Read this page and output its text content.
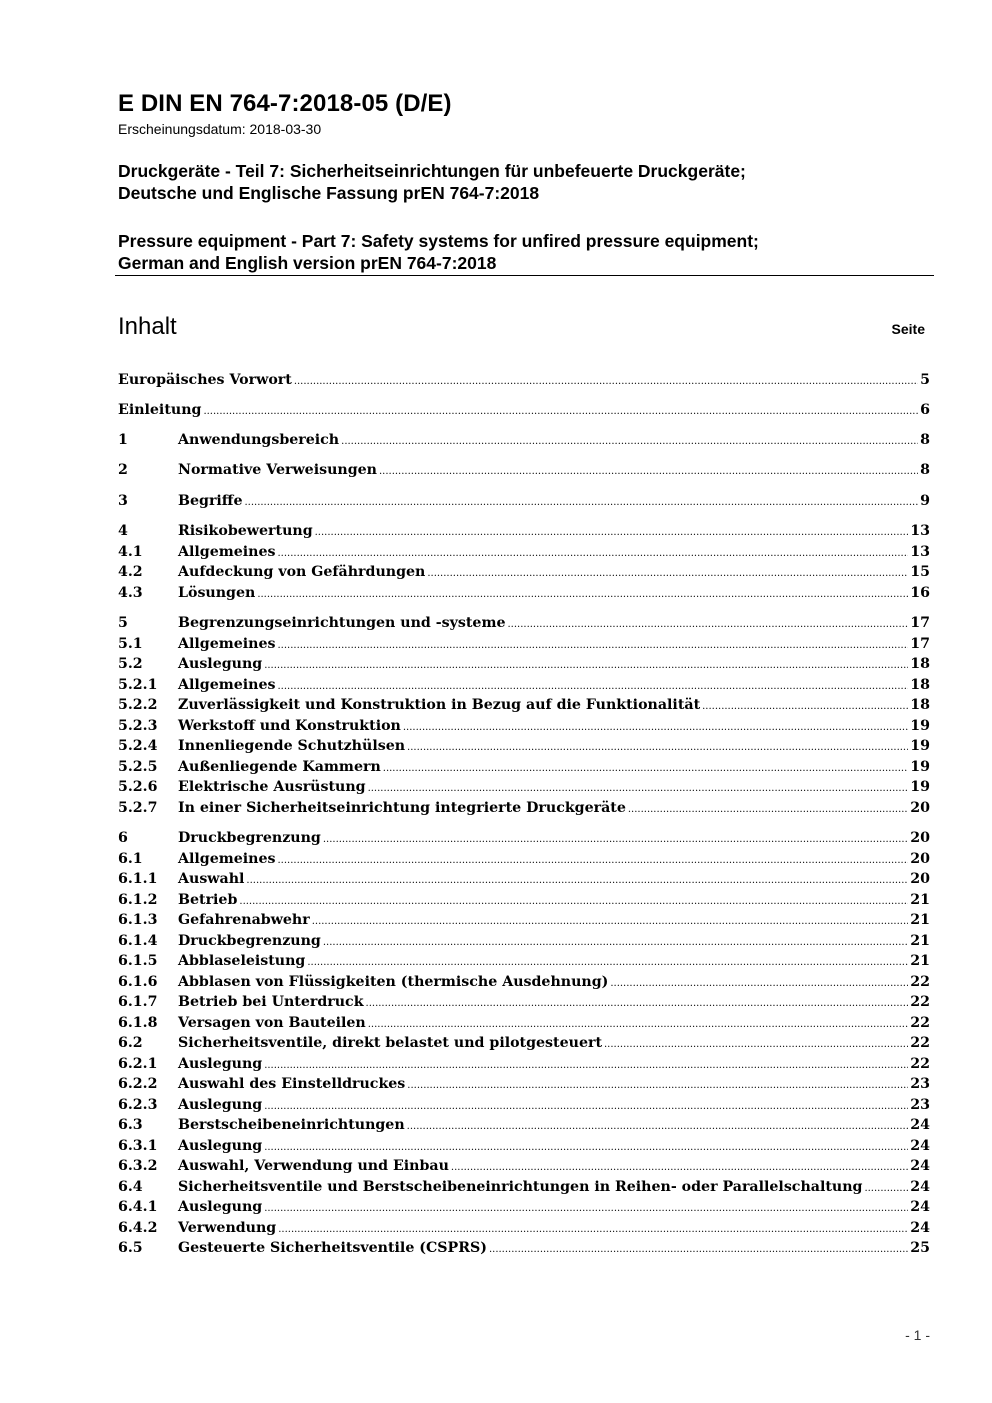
E DIN EN 764-7:2018-05 (D/E)
Erscheinungsdatum: 2018-03-30
Druckgeräte - Teil 7: Sicherheitseinrichtungen für unbefeuerte Druckgeräte;
Deutsche und Englische Fassung prEN 764-7:2018
Pressure equipment - Part 7: Safety systems for unfired pressure equipment;
German and English version prEN 764-7:2018
Inhalt	Seite
Europäisches Vorwort .....	5
Einleitung .....	6
1	Anwendungsbereich .....	8
2	Normative Verweisungen .....	8
3	Begriffe .....	9
4	Risikobewertung .....	13
4.1	Allgemeines .....	13
4.2	Aufdeckung von Gefährdungen .....	15
4.3	Lösungen .....	16
5	Begrenzungseinrichtungen und -systeme .....	17
5.1	Allgemeines .....	17
5.2	Auslegung .....	18
5.2.1	Allgemeines .....	18
5.2.2	Zuverlässigkeit und Konstruktion in Bezug auf die Funktionalität .....	18
5.2.3	Werkstoff und Konstruktion .....	19
5.2.4	Innenliegende Schutzhülsen .....	19
5.2.5	Außenliegende Kammern .....	19
5.2.6	Elektrische Ausrüstung .....	19
5.2.7	In einer Sicherheitseinrichtung integrierte Druckgeräte .....	20
6	Druckbegrenzung .....	20
6.1	Allgemeines .....	20
6.1.1	Auswahl .....	20
6.1.2	Betrieb .....	21
6.1.3	Gefahrenabwehr .....	21
6.1.4	Druckbegrenzung .....	21
6.1.5	Abblaseleistung .....	21
6.1.6	Abblasen von Flüssigkeiten (thermische Ausdehnung) .....	22
6.1.7	Betrieb bei Unterdruck .....	22
6.1.8	Versagen von Bauteilen .....	22
6.2	Sicherheitsventile, direkt belastet und pilotgesteuert .....	22
6.2.1	Auslegung .....	22
6.2.2	Auswahl des Einstelldruckes .....	23
6.2.3	Auslegung .....	23
6.3	Berstscheibeneinrichtungen .....	24
6.3.1	Auslegung .....	24
6.3.2	Auswahl, Verwendung und Einbau .....	24
6.4	Sicherheitsventile und Berstscheibeneinrichtungen in Reihen- oder Parallelschaltung .....	24
6.4.1	Auslegung .....	24
6.4.2	Verwendung .....	24
6.5	Gesteuerte Sicherheitsventile (CSPRS) .....	25
- 1 -
